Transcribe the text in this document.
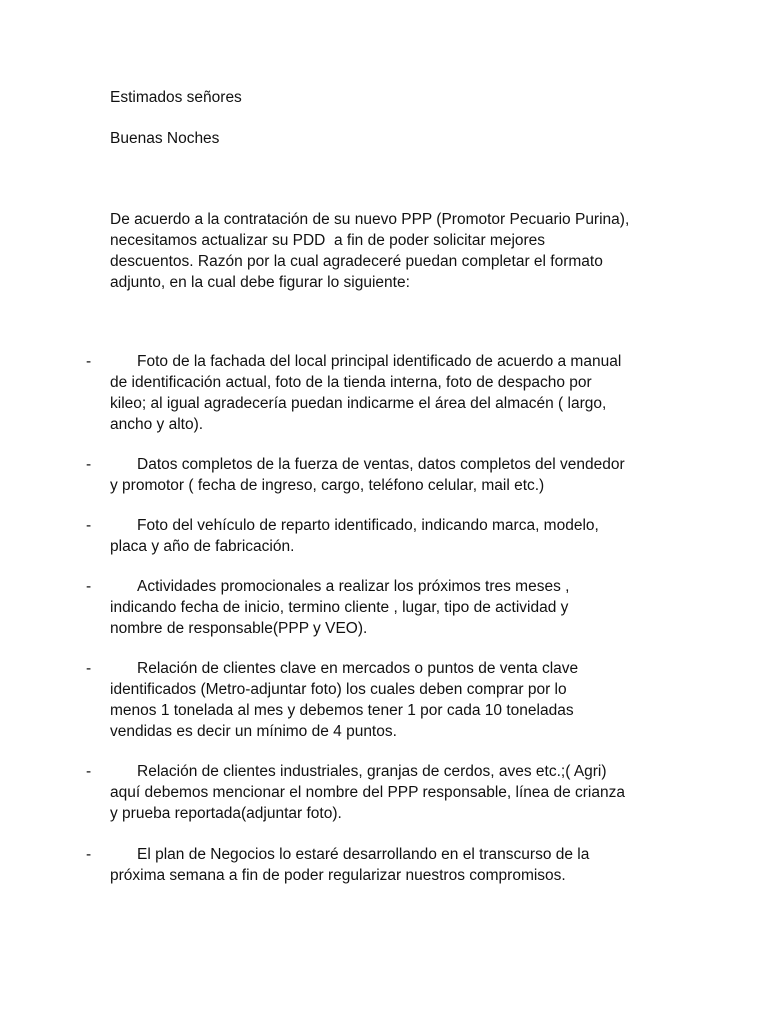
Estimados señores
Buenas Noches
De acuerdo a la contratación de su nuevo PPP (Promotor Pecuario Purina),
necesitamos actualizar su PDD  a fin de poder solicitar mejores
descuentos. Razón por la cual agradeceré puedan completar el formato
adjunto, en la cual debe figurar lo siguiente:
-	Foto de la fachada del local principal identificado de acuerdo a manual
de identificación actual, foto de la tienda interna, foto de despacho por
kileo; al igual agradecería puedan indicarme el área del almacén ( largo,
ancho y alto).
-	Datos completos de la fuerza de ventas, datos completos del vendedor
y promotor ( fecha de ingreso, cargo, teléfono celular, mail etc.)
-	Foto del vehículo de reparto identificado, indicando marca, modelo,
placa y año de fabricación.
-	Actividades promocionales a realizar los próximos tres meses ,
indicando fecha de inicio, termino cliente , lugar, tipo de actividad y
nombre de responsable(PPP y VEO).
-	Relación de clientes clave en mercados o puntos de venta clave
identificados (Metro-adjuntar foto) los cuales deben comprar por lo
menos 1 tonelada al mes y debemos tener 1 por cada 10 toneladas
vendidas es decir un mínimo de 4 puntos.
-	Relación de clientes industriales, granjas de cerdos, aves etc.;( Agri)
aquí debemos mencionar el nombre del PPP responsable, línea de crianza
y prueba reportada(adjuntar foto).
-	El plan de Negocios lo estaré desarrollando en el transcurso de la
próxima semana a fin de poder regularizar nuestros compromisos.
